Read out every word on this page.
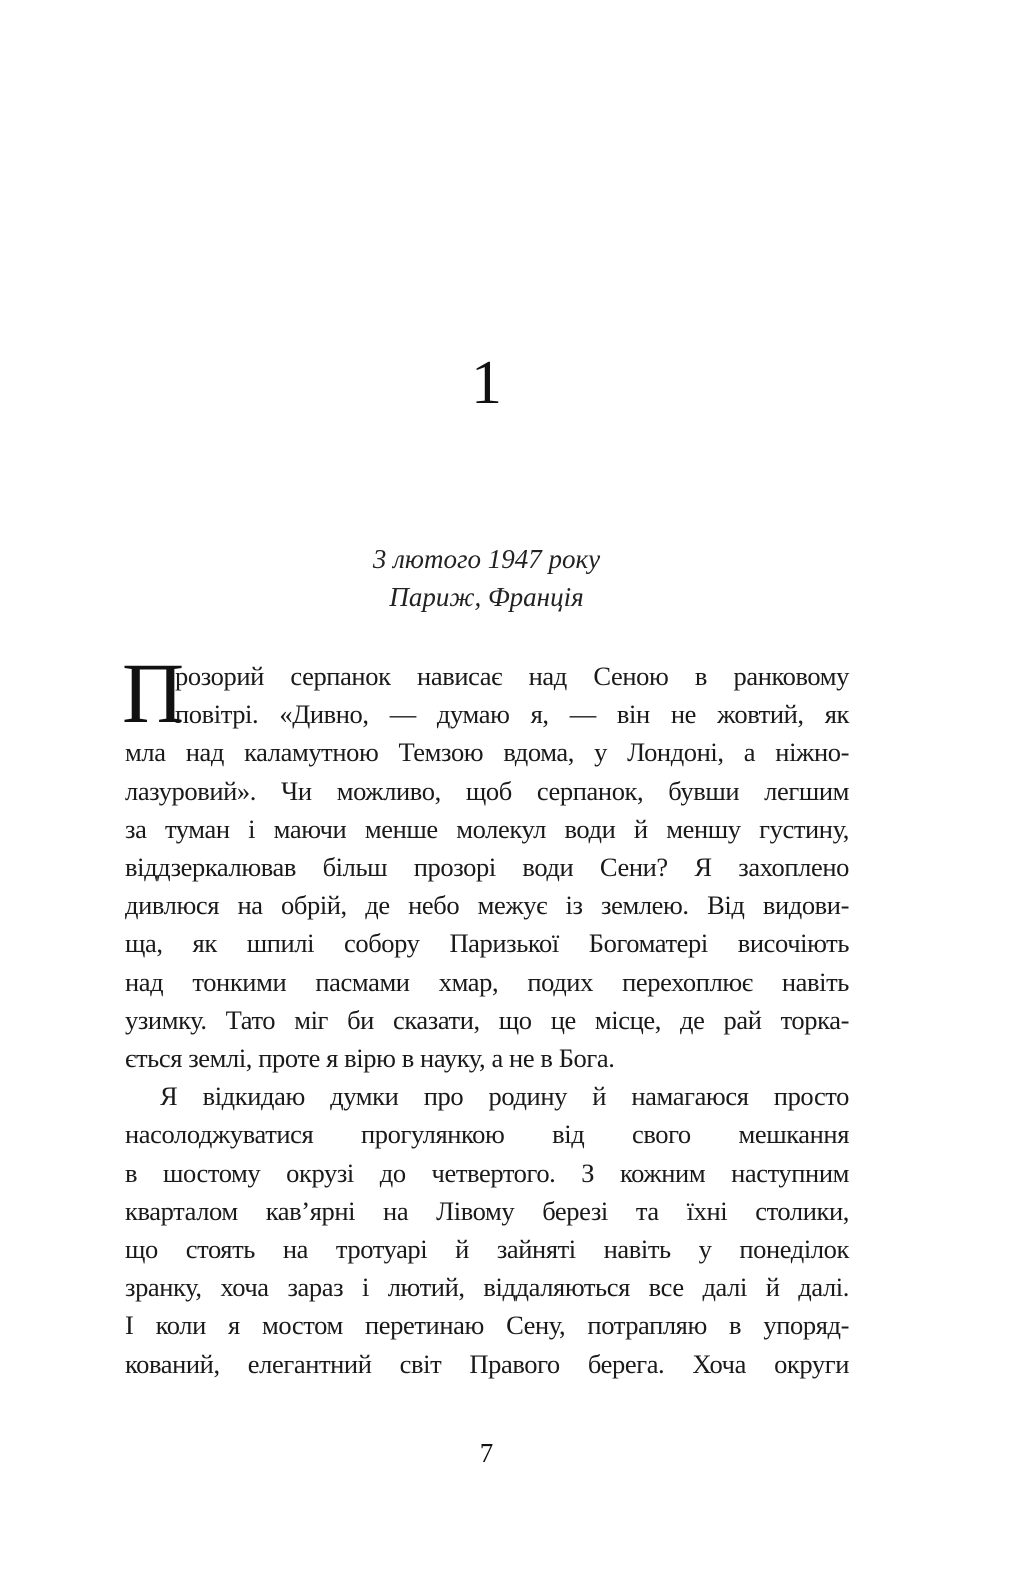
1
3 лютого 1947 року
Париж, Франція
П
розорий серпанок нависає над Сеною в ранковому
повітрі. «Дивно, — думаю я, — він не жовтий, як
мла над каламутною Темзою вдома, у Лондоні, а ніжно-
лазуровий». Чи можливо, щоб серпанок, бувши легшим
за туман і маючи менше молекул води й меншу густину,
віддзеркалював більш прозорі води Сени? Я захоплено
дивлюся на обрій, де небо межує із землею. Від видови-
ща, як шпилі собору Паризької Богоматері височіють
над тонкими пасмами хмар, подих перехоплює навіть
узимку. Тато міг би сказати, що це місце, де рай торка-
ється землі, проте я вірю в науку, а не в Бога.
Я відкидаю думки про родину й намагаюся просто
насолоджуватися прогулянкою від свого мешкання
в шостому окрузі до четвертого. З кожним наступним
кварталом кав’ярні на Лівому березі та їхні столики,
що стоять на тротуарі й зайняті навіть у понеділок
зранку, хоча зараз і лютий, віддаляються все далі й далі.
І коли я мостом перетинаю Сену, потрапляю в упоряд-
кований, елегантний світ Правого берега. Хоча округи
7
